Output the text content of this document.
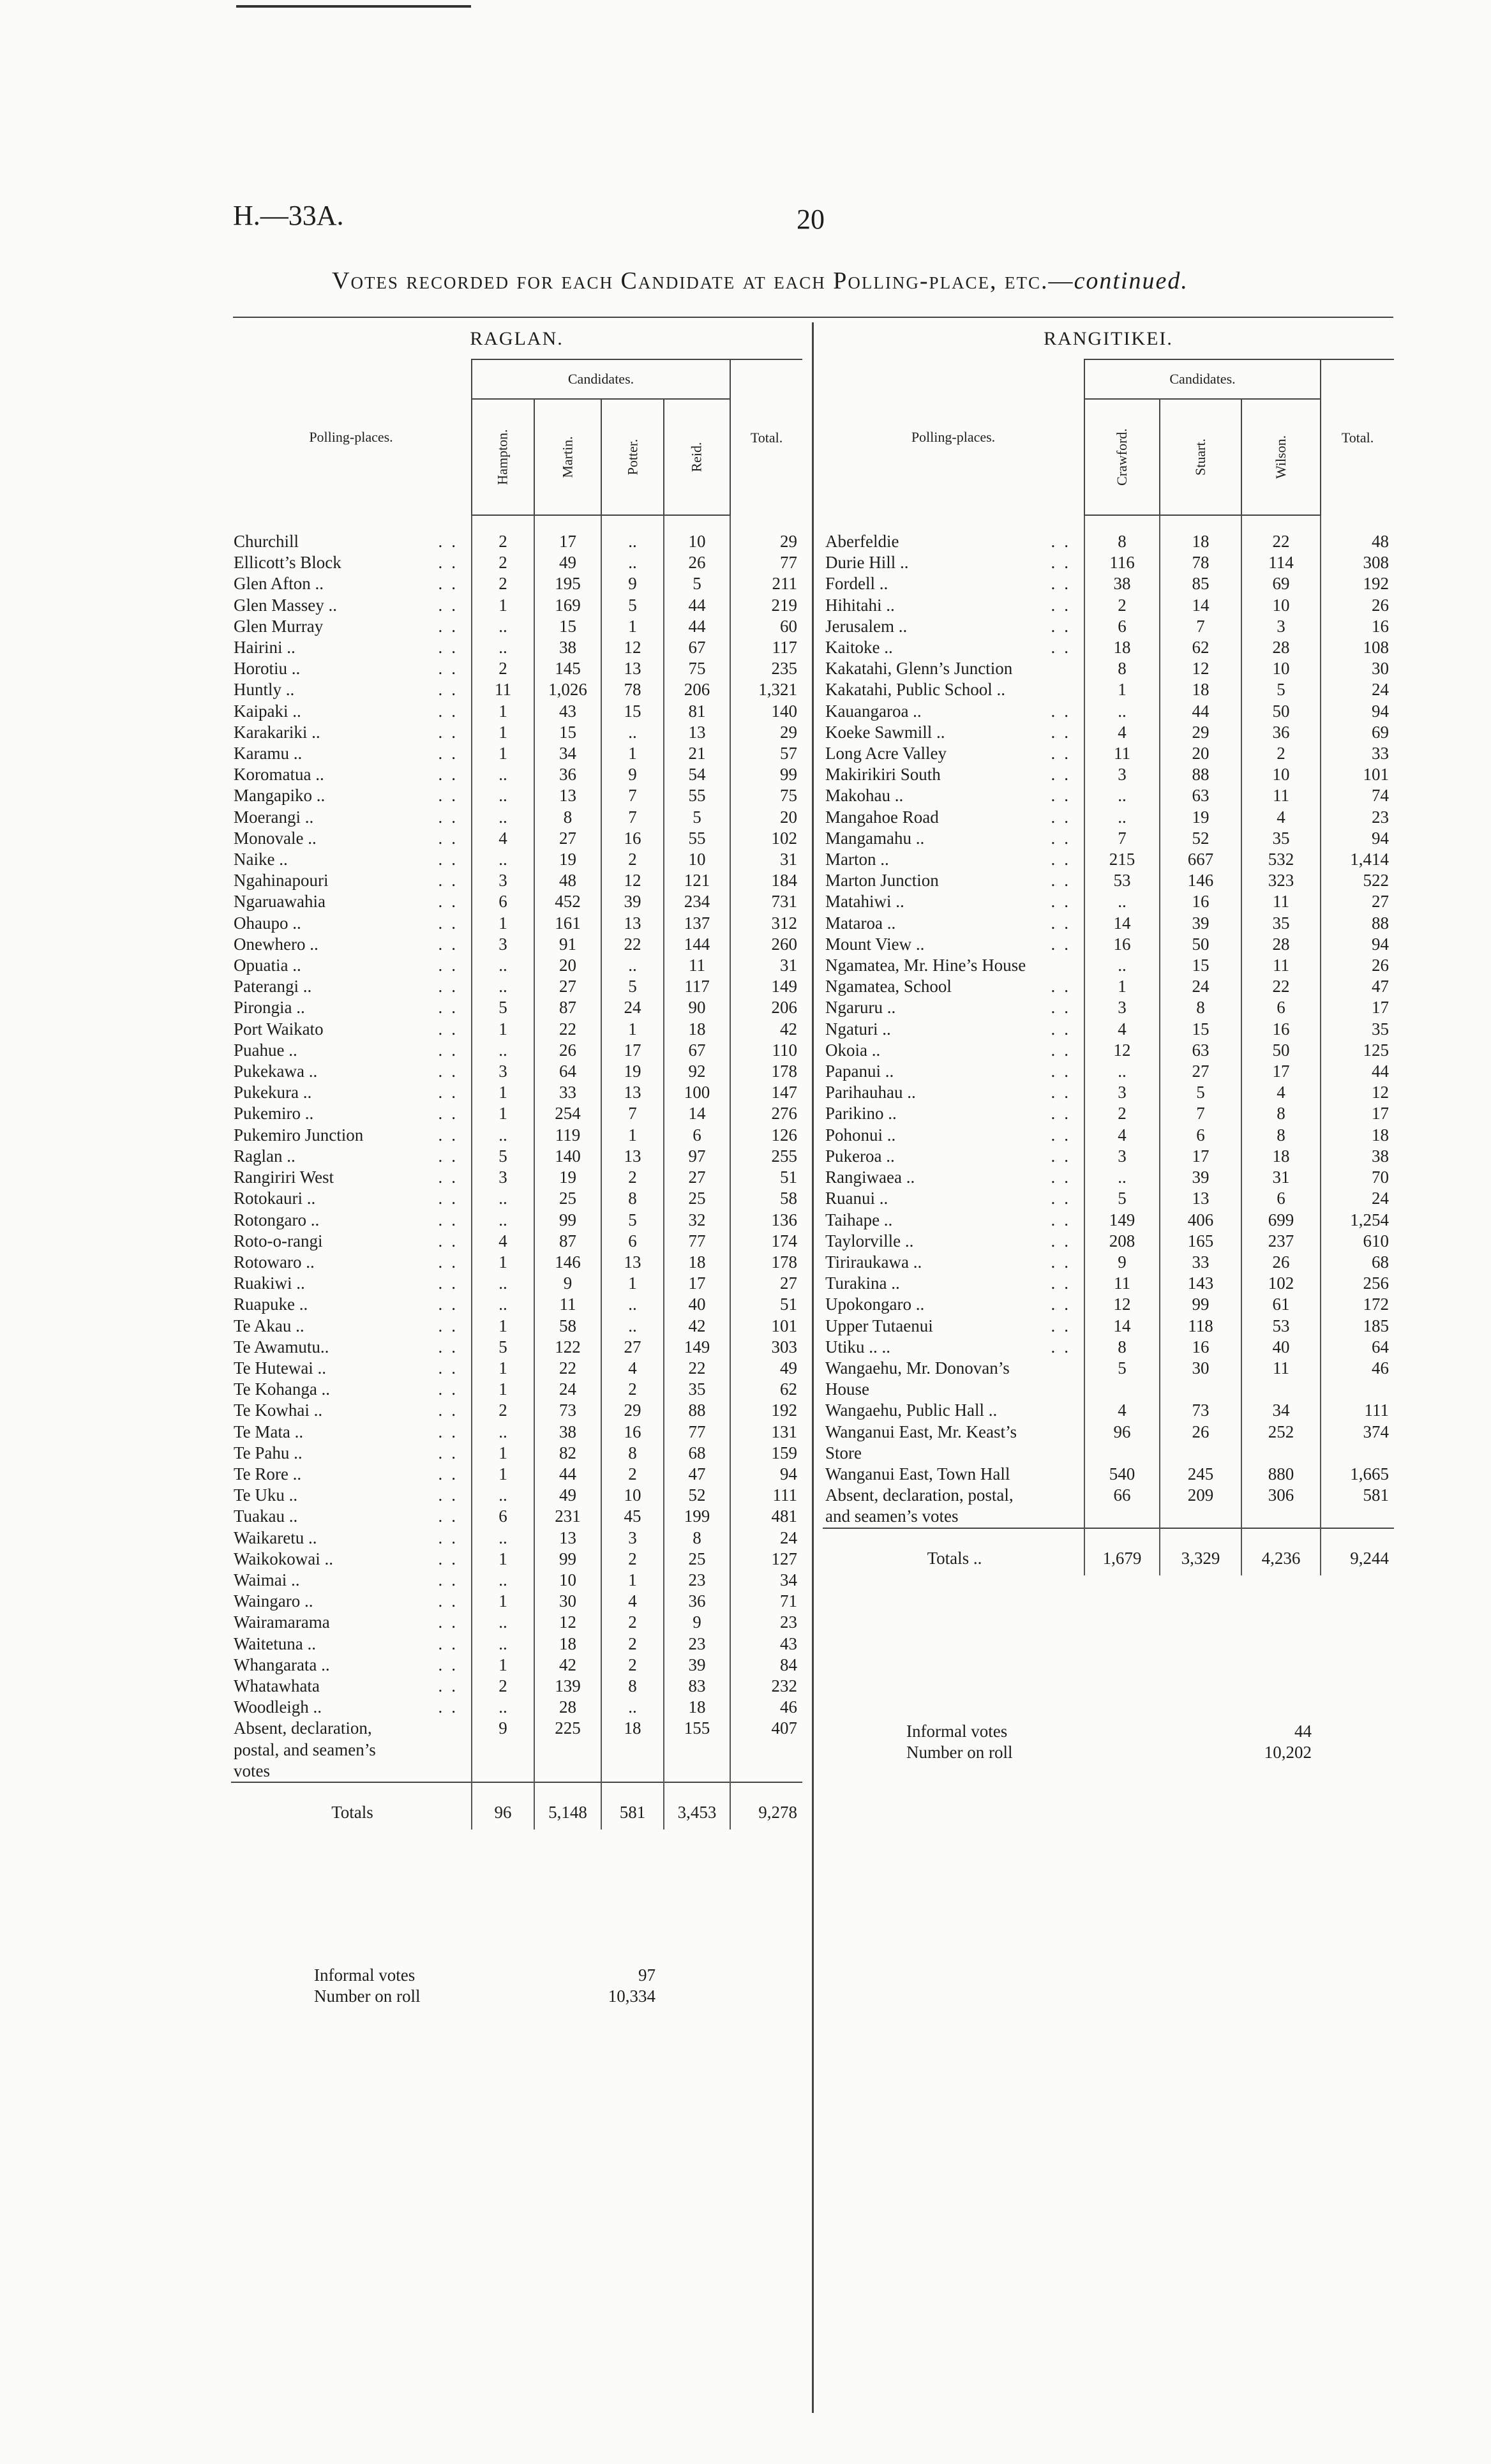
H.—33A.	20
Votes recorded for each Candidate at each Polling-place, etc.—continued.
RAGLAN.
Polling-places.	Candidates.				Total.
	Hampton.	Martin.	Potter.	Reid.	
Churchill ..	2	17	..	10	29
Ellicott’s Block ..	2	49	..	26	77
Glen Afton .. ..	2	195	9	5	211
Glen Massey .. ..	1	169	5	44	219
Glen Murray ..	..	15	1	44	60
Hairini .. ..	..	38	12	67	117
Horotiu .. ..	2	145	13	75	235
Huntly .. ..	11	1,026	78	206	1,321
Kaipaki .. ..	1	43	15	81	140
Karakariki .. ..	1	15	..	13	29
Karamu .. ..	1	34	1	21	57
Koromatua .. ..	..	36	9	54	99
Mangapiko .. ..	..	13	7	55	75
Moerangi .. ..	..	8	7	5	20
Monovale .. ..	4	27	16	55	102
Naike .. ..	..	19	2	10	31
Ngahinapouri ..	3	48	12	121	184
Ngaruawahia ..	6	452	39	234	731
Ohaupo .. ..	1	161	13	137	312
Onewhero .. ..	3	91	22	144	260
Opuatia .. ..	..	20	..	11	31
Paterangi .. ..	..	27	5	117	149
Pirongia .. ..	5	87	24	90	206
Port Waikato ..	1	22	1	18	42
Puahue .. ..	..	26	17	67	110
Pukekawa .. ..	3	64	19	92	178
Pukekura .. ..	1	33	13	100	147
Pukemiro .. ..	1	254	7	14	276
Pukemiro Junction ..	..	119	1	6	126
Raglan .. ..	5	140	13	97	255
Rangiriri West ..	3	19	2	27	51
Rotokauri .. ..	..	25	8	25	58
Rotongaro .. ..	..	99	5	32	136
Roto-o-rangi ..	4	87	6	77	174
Rotowaro .. ..	1	146	13	18	178
Ruakiwi .. ..	..	9	1	17	27
Ruapuke .. ..	..	11	..	40	51
Te Akau .. ..	1	58	..	42	101
Te Awamutu.. ..	5	122	27	149	303
Te Hutewai .. ..	1	22	4	22	49
Te Kohanga .. ..	1	24	2	35	62
Te Kowhai .. ..	2	73	29	88	192
Te Mata .. ..	..	38	16	77	131
Te Pahu .. ..	1	82	8	68	159
Te Rore .. ..	1	44	2	47	94
Te Uku .. ..	..	49	10	52	111
Tuakau .. ..	6	231	45	199	481
Waikaretu .. ..	..	13	3	8	24
Waikokowai .. ..	1	99	2	25	127
Waimai .. ..	..	10	1	23	34
Waingaro .. ..	1	30	4	36	71
Wairamarama ..	..	12	2	9	23
Waitetuna .. ..	..	18	2	23	43
Whangarata .. ..	1	42	2	39	84
Whatawhata ..	2	139	8	83	232
Woodleigh .. ..	..	28	..	18	46
Absent, declaration,	9	225	18	155	407
postal, and seamen’s					
votes					
Totals	96	5,148	581	3,453	9,278
Informal votes	97
Number on roll	10,334
RANGITIKEI.
Polling-places.	Candidates.			Total.
	Crawford.	Stuart.	Wilson.	
Aberfeldie ..	8	18	22	48
Durie Hill .. ..	116	78	114	308
Fordell .. ..	38	85	69	192
Hihitahi .. ..	2	14	10	26
Jerusalem .. ..	6	7	3	16
Kaitoke .. ..	18	62	28	108
Kakatahi, Glenn’s Junction	8	12	10	30
Kakatahi, Public School ..	1	18	5	24
Kauangaroa .. ..	..	44	50	94
Koeke Sawmill .. ..	4	29	36	69
Long Acre Valley ..	11	20	2	33
Makirikiri South ..	3	88	10	101
Makohau .. ..	..	63	11	74
Mangahoe Road ..	..	19	4	23
Mangamahu .. ..	7	52	35	94
Marton .. ..	215	667	532	1,414
Marton Junction ..	53	146	323	522
Matahiwi .. ..	..	16	11	27
Mataroa .. ..	14	39	35	88
Mount View .. ..	16	50	28	94
Ngamatea, Mr. Hine’s House	..	15	11	26
Ngamatea, School ..	1	24	22	47
Ngaruru .. ..	3	8	6	17
Ngaturi .. ..	4	15	16	35
Okoia .. ..	12	63	50	125
Papanui .. ..	..	27	17	44
Parihauhau .. ..	3	5	4	12
Parikino .. ..	2	7	8	17
Pohonui .. ..	4	6	8	18
Pukeroa .. ..	3	17	18	38
Rangiwaea .. ..	..	39	31	70
Ruanui .. ..	5	13	6	24
Taihape .. ..	149	406	699	1,254
Taylorville .. ..	208	165	237	610
Tiriraukawa .. ..	9	33	26	68
Turakina .. ..	11	143	102	256
Upokongaro .. ..	12	99	61	172
Upper Tutaenui ..	14	118	53	185
Utiku .. .. ..	8	16	40	64
Wangaehu, Mr. Donovan’s	5	30	11	46
House				
Wangaehu, Public Hall ..	4	73	34	111
Wanganui East, Mr. Keast’s	96	26	252	374
Store				
Wanganui East, Town Hall	540	245	880	1,665
Absent, declaration, postal,	66	209	306	581
and seamen’s votes				
Totals ..	1,679	3,329	4,236	9,244
Informal votes	44
Number on roll	10,202
